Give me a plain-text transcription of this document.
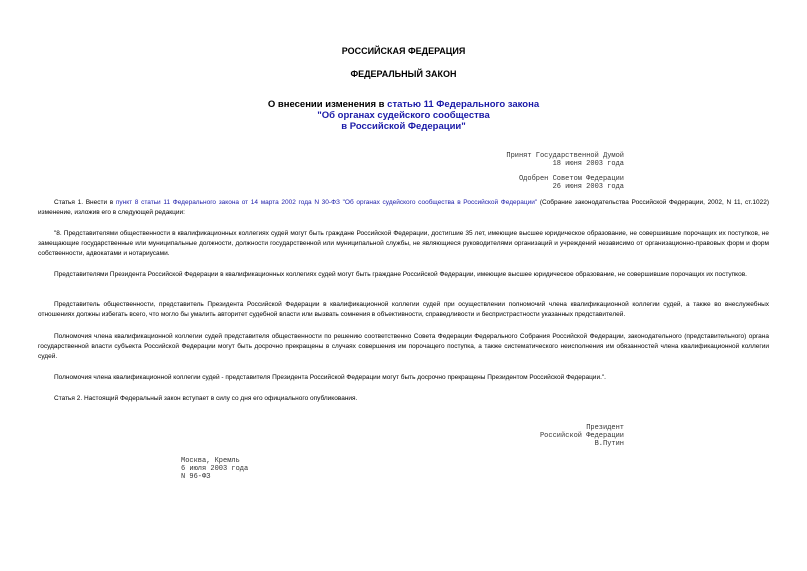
РОССИЙСКАЯ ФЕДЕРАЦИЯ
ФЕДЕРАЛЬНЫЙ ЗАКОН
О внесении изменения в статью 11 Федерального закона
"Об органах судейского сообщества
в Российской Федерации"
Принят Государственной Думой
18 июня 2003 года
Одобрен Советом Федерации
26 июня 2003 года
Статья 1. Внести в пункт 8 статьи 11 Федерального закона от 14 марта 2002 года N 30-ФЗ "Об органах судейского сообщества в Российской Федерации" (Собрание законодательства Российской Федерации, 2002, N 11, ст.1022) изменение, изложив его в следующей редакции:
"8. Представителями общественности в квалификационных коллегиях судей могут быть граждане Российской Федерации, достигшие 35 лет, имеющие высшее юридическое образование, не совершившие порочащих их поступков, не замещающие государственные или муниципальные должности, должности государственной или муниципальной службы, не являющиеся руководителями организаций и учреждений независимо от организационно-правовых форм и форм собственности, адвокатами и нотариусами.
Представителями Президента Российской Федерации в квалификационных коллегиях судей могут быть граждане Российской Федерации, имеющие высшее юридическое образование, не совершившие порочащих их поступков.
Представитель общественности, представитель Президента Российской Федерации в квалификационной коллегии судей при осуществлении полномочий члена квалификационной коллегии судей, а также во внеслужебных отношениях должны избегать всего, что могло бы умалить авторитет судебной власти или вызвать сомнения в объективности, справедливости и беспристрастности указанных представителей.
Полномочия члена квалификационной коллегии судей представителя общественности по решению соответственно Совета Федерации Федерального Собрания Российской Федерации, законодательного (представительного) органа государственной власти субъекта Российской Федерации могут быть досрочно прекращены в случаях совершения им порочащего поступка, а также систематического неисполнения им обязанностей члена квалификационной коллегии судей.
Полномочия члена квалификационной коллегии судей - представителя Президента Российской Федерации могут быть досрочно прекращены Президентом Российской Федерации.".
Статья 2. Настоящий Федеральный закон вступает в силу со дня его официального опубликования.
Президент
Российской Федерации
В.Путин
Москва, Кремль
6 июля 2003 года
N 96-ФЗ
